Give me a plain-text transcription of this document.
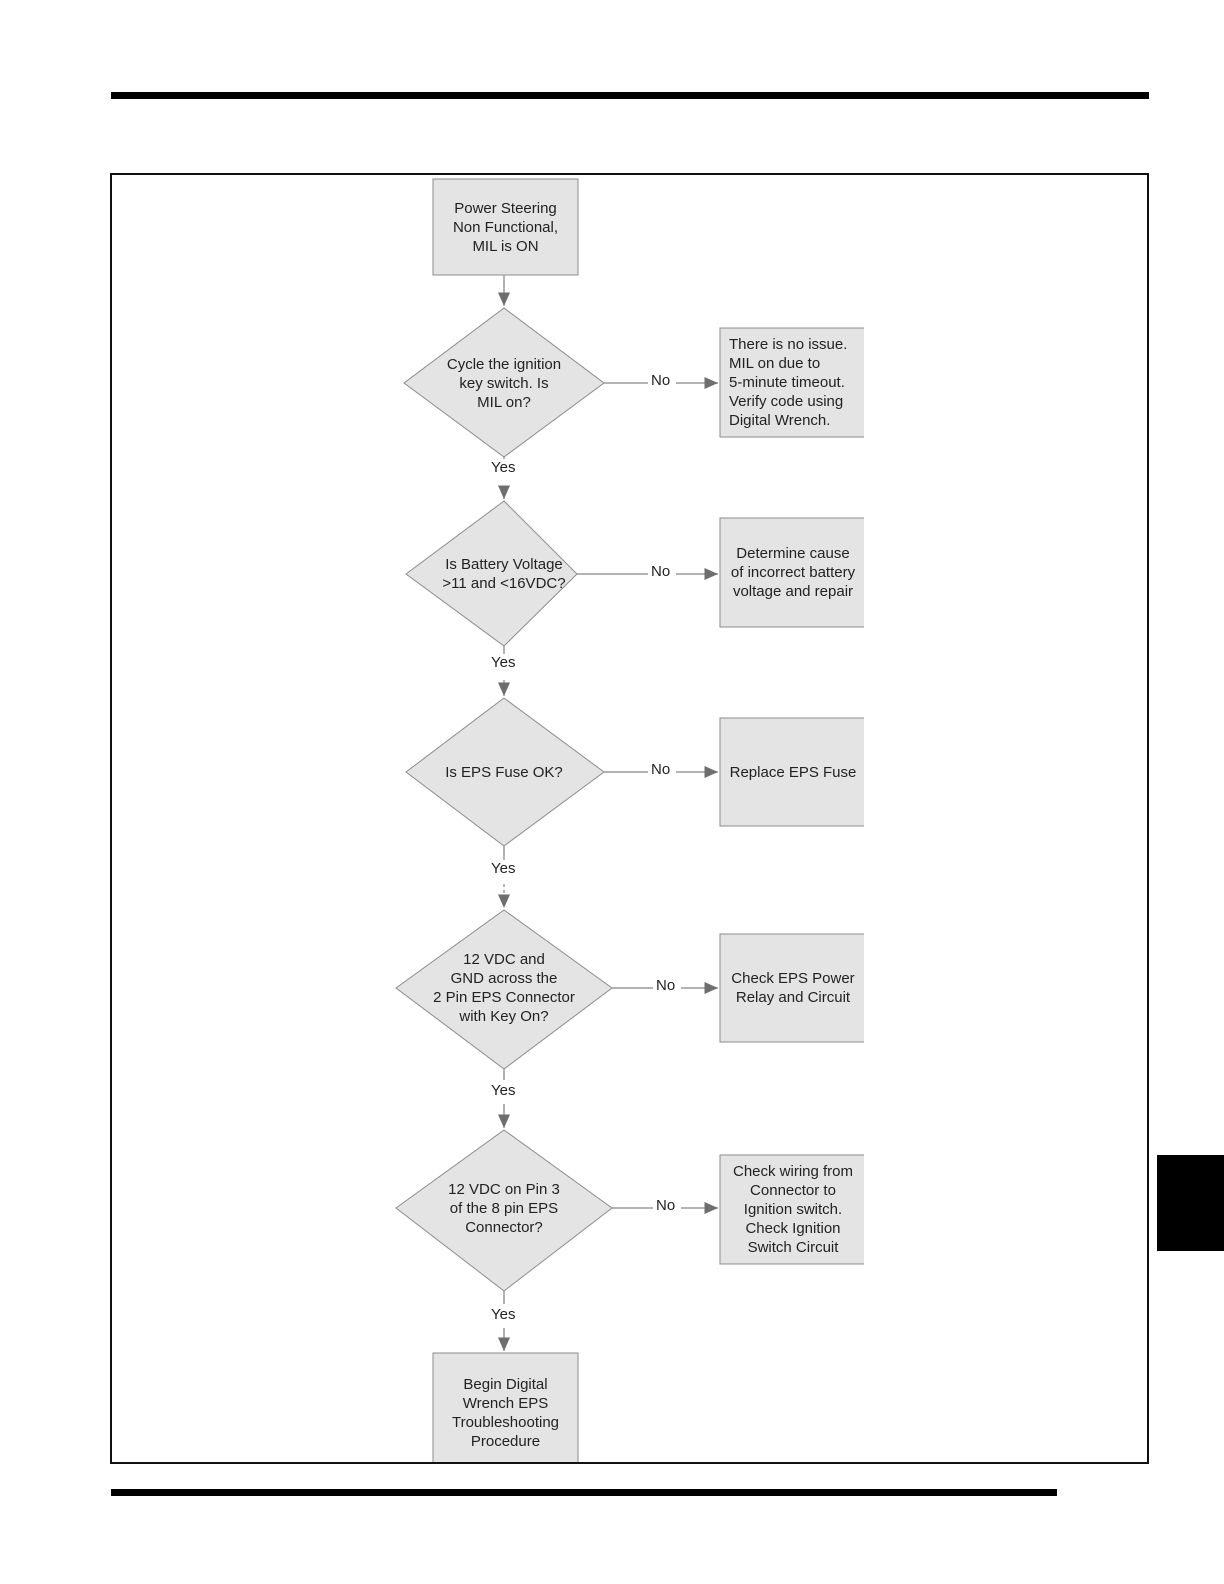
Power Steering
Non Functional,
MIL is ON
Cycle the ignition
key switch. Is
MIL on?
Is Battery Voltage
>11 and <16VDC?
Is EPS Fuse OK?
12 VDC and
GND across the
2 Pin EPS Connector
with Key On?
12 VDC on Pin 3
of the 8 pin EPS
Connector?
There is no issue.
MIL on due to
5-minute timeout.
Verify code using
Digital Wrench.
Determine cause
of incorrect battery
voltage and repair
Replace EPS Fuse
Check EPS Power
Relay and Circuit
Check wiring from
Connector to
Ignition switch.
Check Ignition
Switch Circuit
Begin Digital
Wrench EPS
Troubleshooting
Procedure
No
Yes
No
Yes
No
Yes
No
Yes
No
Yes
